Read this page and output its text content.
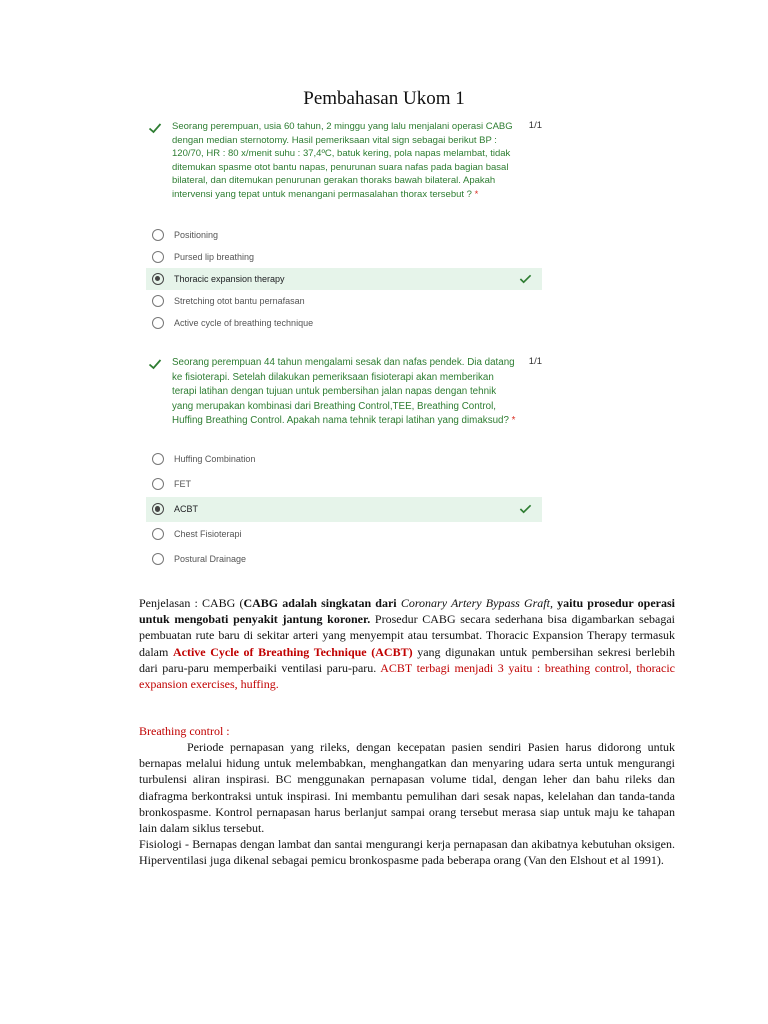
Pembahasan Ukom 1
Seorang perempuan, usia 60 tahun, 2 minggu yang lalu menjalani operasi CABG dengan median sternotomy. Hasil pemeriksaan vital sign sebagai berikut BP : 120/70, HR : 80 x/menit suhu : 37,4ºC, batuk kering, pola napas melambat, tidak ditemukan spasme otot bantu napas, penurunan suara nafas pada bagian basal bilateral, dan ditemukan penurunan gerakan thoraks bawah bilateral. Apakah intervensi yang tepat untuk menangani permasalahan thorax tersebut ? *
1/1
Positioning
Pursed lip breathing
Thoracic expansion therapy
Stretching otot bantu pernafasan
Active cycle of breathing technique
Seorang perempuan 44 tahun mengalami sesak dan nafas pendek. Dia datang ke fisioterapi. Setelah dilakukan pemeriksaan fisioterapi akan memberikan terapi latihan dengan tujuan untuk pembersihan jalan napas dengan tehnik yang merupakan kombinasi dari Breathing Control,TEE, Breathing Control, Huffing Breathing Control. Apakah nama tehnik terapi latihan yang dimaksud? *
1/1
Huffing Combination
FET
ACBT
Chest Fisioterapi
Postural Drainage
Penjelasan : CABG (CABG adalah singkatan dari Coronary Artery Bypass Graft, yaitu prosedur operasi untuk mengobati penyakit jantung koroner. Prosedur CABG secara sederhana bisa digambarkan sebagai pembuatan rute baru di sekitar arteri yang menyempit atau tersumbat. Thoracic Expansion Therapy termasuk dalam Active Cycle of Breathing Technique (ACBT) yang digunakan untuk pembersihan sekresi berlebih dari paru-paru memperbaiki ventilasi paru-paru. ACBT terbagi menjadi 3 yaitu : breathing control, thoracic expansion exercises, huffing.
Breathing control :
Periode pernapasan yang rileks, dengan kecepatan pasien sendiri Pasien harus didorong untuk bernapas melalui hidung untuk melembabkan, menghangatkan dan menyaring udara serta untuk mengurangi turbulensi aliran inspirasi. BC menggunakan pernapasan volume tidal, dengan leher dan bahu rileks dan diafragma berkontraksi untuk inspirasi. Ini membantu pemulihan dari sesak napas, kelelahan dan tanda-tanda bronkospasme. Kontrol pernapasan harus berlanjut sampai orang tersebut merasa siap untuk maju ke tahapan lain dalam siklus tersebut.
Fisiologi - Bernapas dengan lambat dan santai mengurangi kerja pernapasan dan akibatnya kebutuhan oksigen. Hiperventilasi juga dikenal sebagai pemicu bronkospasme pada beberapa orang (Van den Elshout et al 1991).
